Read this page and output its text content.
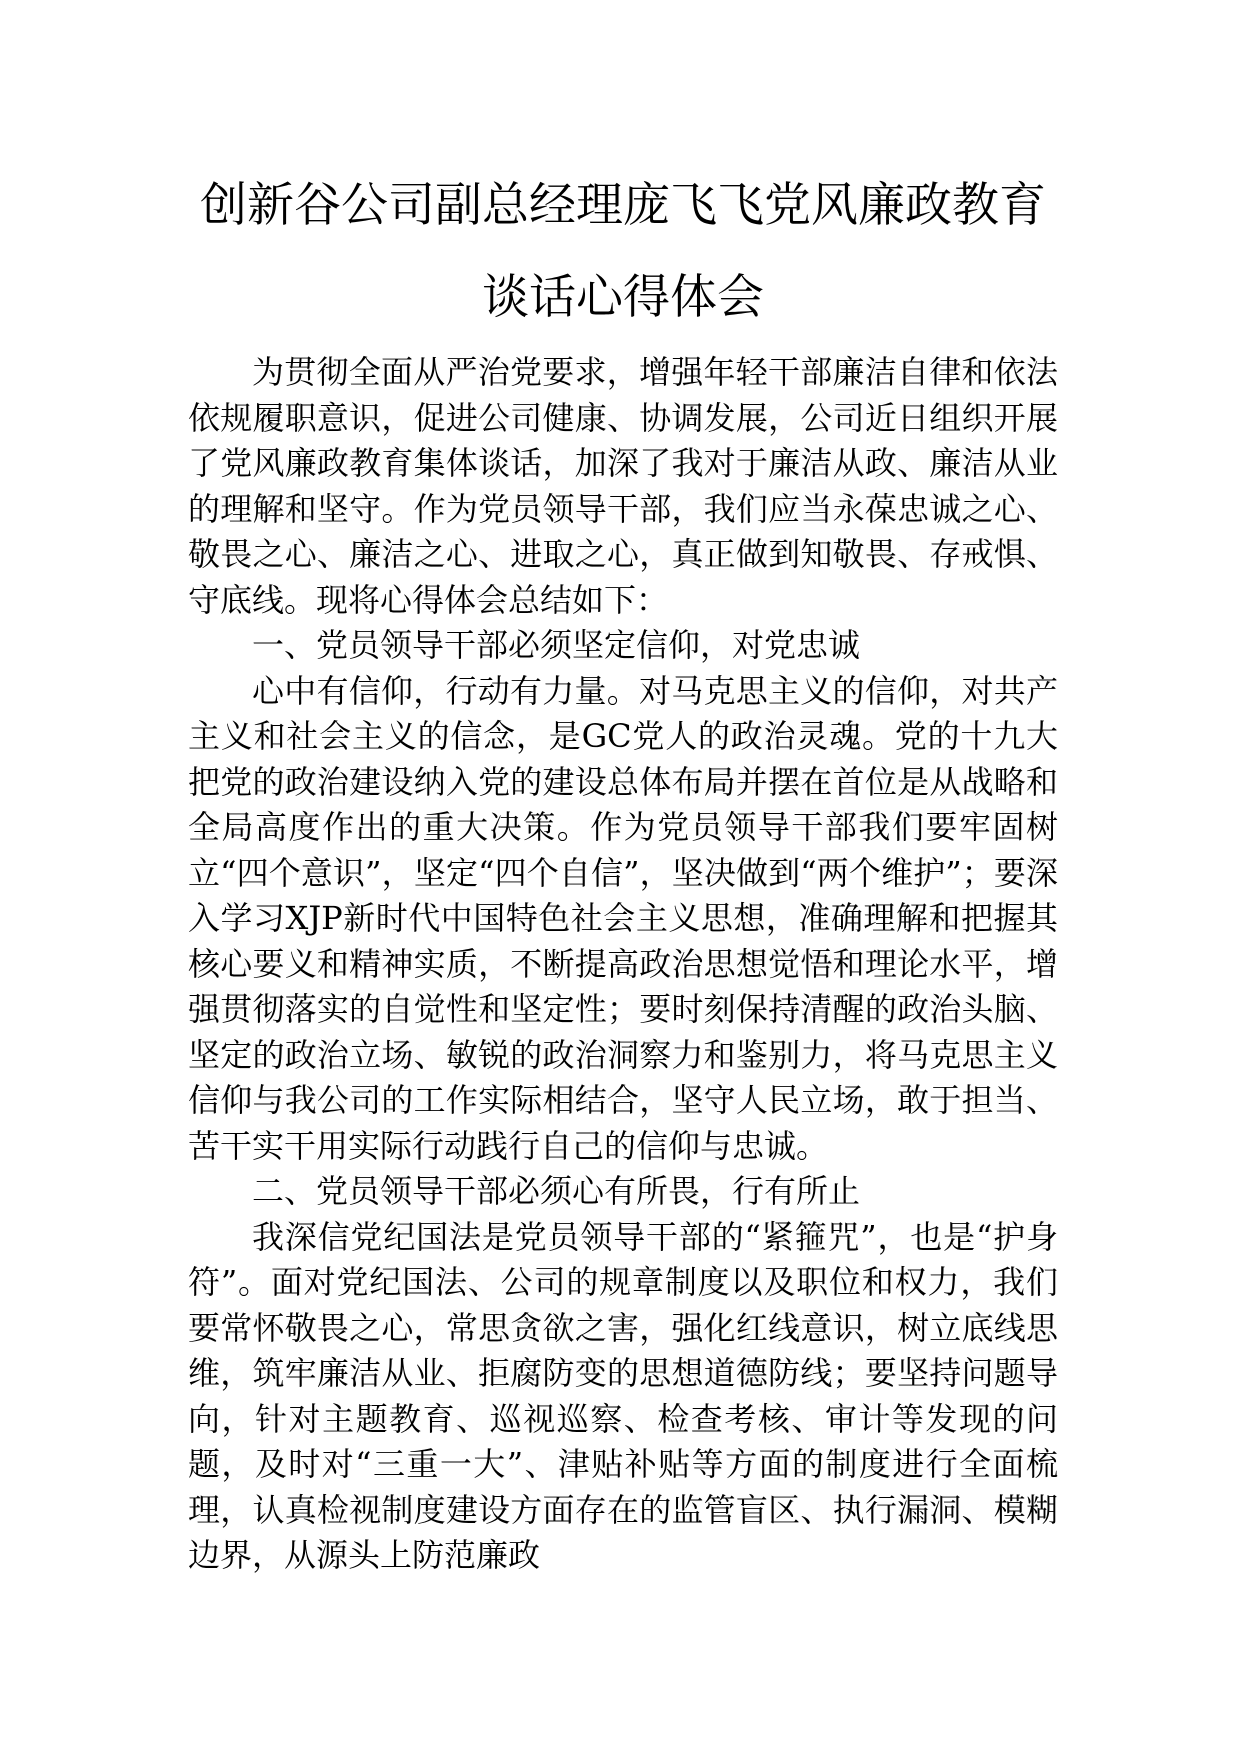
创新谷公司副总经理庞飞飞党风廉政教育
谈话心得体会

为贯彻全面从严治党要求，增强年轻干部廉洁自律和依法依规履职意识，促进公司健康、协调发展，公司近日组织开展了党风廉政教育集体谈话，加深了我对于廉洁从政、廉洁从业的理解和坚守。作为党员领导干部，我们应当永葆忠诚之心、敬畏之心、廉洁之心、进取之心，真正做到知敬畏、存戒惧、守底线。现将心得体会总结如下：

一、党员领导干部必须坚定信仰，对党忠诚

心中有信仰，行动有力量。对马克思主义的信仰，对共产主义和社会主义的信念，是GC党人的政治灵魂。党的十九大把党的政治建设纳入党的建设总体布局并摆在首位是从战略和全局高度作出的重大决策。作为党员领导干部我们要牢固树立“四个意识”，坚定“四个自信”，坚决做到“两个维护”；要深入学习XJP新时代中国特色社会主义思想，准确理解和把握其核心要义和精神实质，不断提高政治思想觉悟和理论水平，增强贯彻落实的自觉性和坚定性；要时刻保持清醒的政治头脑、坚定的政治立场、敏锐的政治洞察力和鉴别力，将马克思主义信仰与我公司的工作实际相结合，坚守人民立场，敢于担当、苦干实干用实际行动践行自己的信仰与忠诚。

二、党员领导干部必须心有所畏，行有所止

我深信党纪国法是党员领导干部的“紧箍咒”，也是“护身符”。面对党纪国法、公司的规章制度以及职位和权力，我们要常怀敬畏之心，常思贪欲之害，强化红线意识，树立底线思维，筑牢廉洁从业、拒腐防变的思想道德防线；要坚持问题导向，针对主题教育、巡视巡察、检查考核、审计等发现的问题，及时对“三重一大”、津贴补贴等方面的制度进行全面梳理，认真检视制度建设方面存在的监管盲区、执行漏洞、模糊边界，从源头上防范廉政
